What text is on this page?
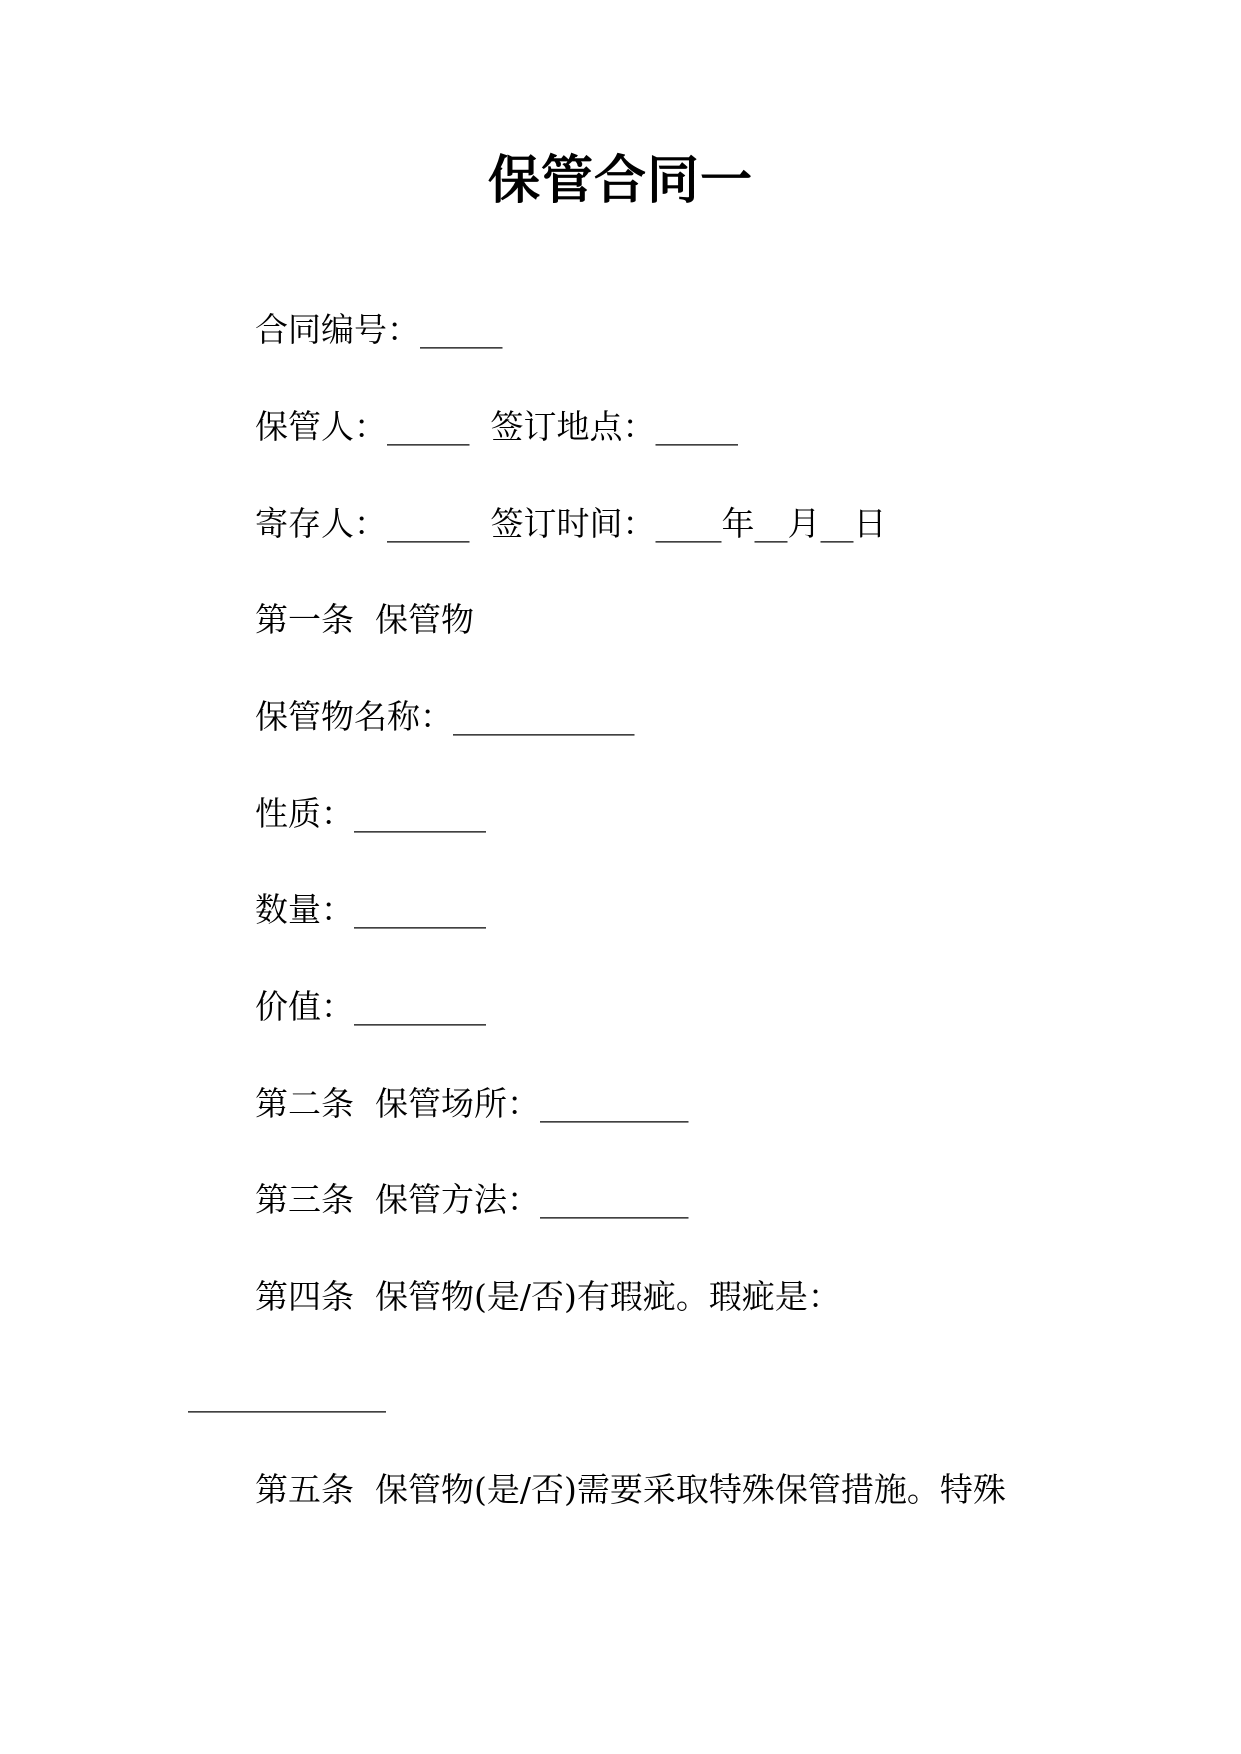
保管合同一
合同编号：_____
保管人：_____  签订地点：_____
寄存人：_____  签订时间：____年__月__日
第一条  保管物
保管物名称：___________
性质：________
数量：________
价值：________
第二条  保管场所：_________
第三条  保管方法：_________
第四条  保管物(是/否)有瑕疵。瑕疵是：
____________
第五条  保管物(是/否)需要采取特殊保管措施。特殊
